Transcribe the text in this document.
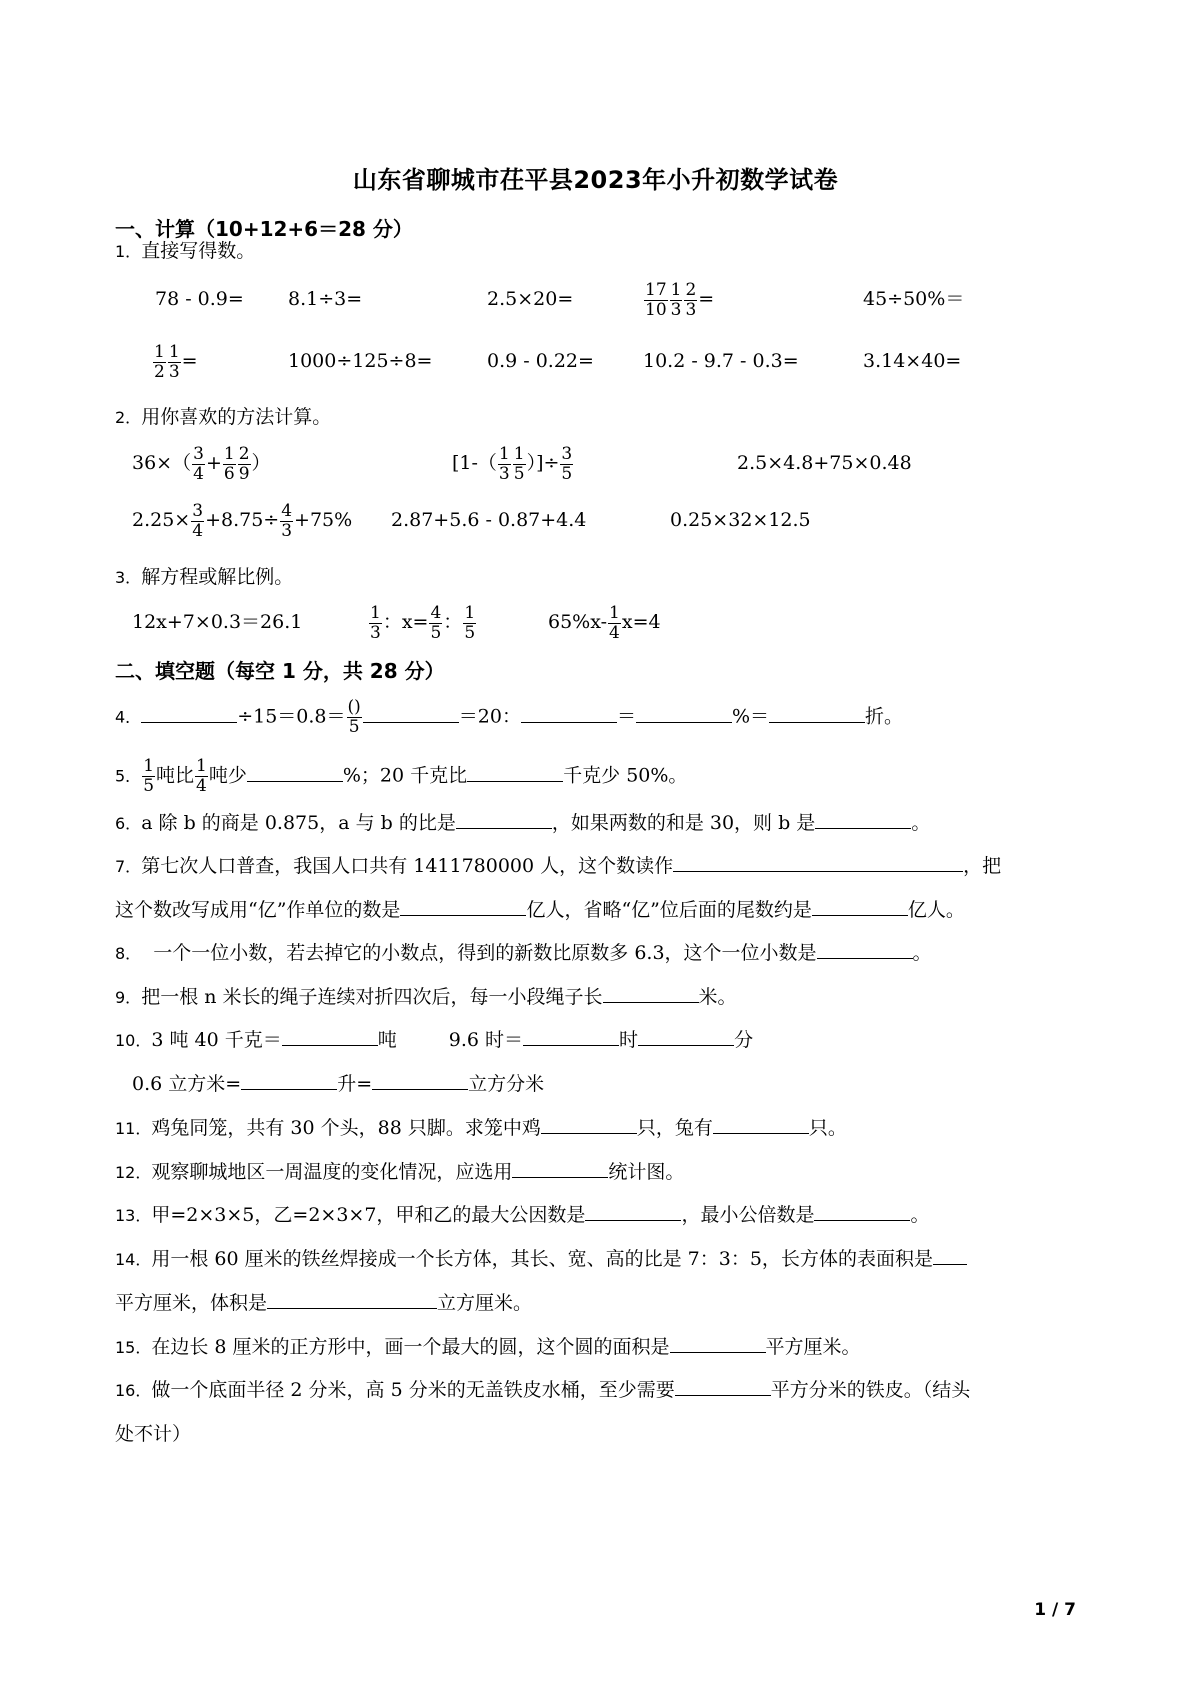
山东省聊城市茌平县2023年小升初数学试卷
一、计算（10+12+6＝28 分）
1．直接写得数。
78 - 0.9= 8.1÷3=	2.5×20=	$\frac{17}{10} \frac{1}{3} \frac{2}{3}$ =	45÷50%＝
$\frac{1}{2} \frac{1}{3}$ =	1000÷125÷8=	0.9 - 0.22=	10.2 - 9.7 - 0.3=	3.14×40=
2．用你喜欢的方法计算。
$36\times( \frac{3}{4} + \frac{1}{6} \frac{2}{9}$ ）	[$1-( \frac{1}{3} \frac{1}{5}$ ）]÷ $\frac{3}{5}$	2.5×4.8+75×0.48
$2.25\times \frac{3}{4} +8.75\div \frac{4}{3} +75\%$ 2.87+5.6 - 0.87+4.4	0.25×32×12.5
3．解方程或解比例。
12x+7×0.3＝26.1	$\frac{1}{3}$ ：$x= \frac{4}{5}$ ： $\frac{1}{5}$	$65\%x- \frac{1}{4} x=4$
二、填空题（每空 1 分，共 28 分）
4．	$\div 15=0.8= \frac{()}{5}$	＝20：	＝	%＝	折。
5． $\frac{1}{5}$ 吨比 $\frac{1}{4}$ 吨少	%；20 千克比	千克少 50%。
6．a 除 b 的商是 0.875，a 与 b 的比是	，如果两数的和是 30，则 b 是	。
7．第七次人口普查，我国人口共有 1411780000 人，这个数读作	，把
这个数改写成用“亿”作单位的数是	亿人，省略“亿”位后面的尾数约是	亿人。
8． 一个一位小数，若去掉它的小数点，得到的新数比原数多 6.3，这个一位小数是	。
9．把一根 n 米长的绳子连续对折四次后，每一小段绳子长	米。
10．3 吨 40 千克＝	吨	9.6 时＝	时	分
0.6 立方米=	升=	立方分米
11．鸡兔同笼，共有 30 个头，88 只脚。求笼中鸡	只，兔有	只。
12．观察聊城地区一周温度的变化情况，应选用	统计图。
13．甲=2×3×5，乙=2×3×7，甲和乙的最大公因数是	，最小公倍数是	。
14．用一根 60 厘米的铁丝焊接成一个长方体，其长、宽、高的比是 7：3：5，长方体的表面积是
平方厘米，体积是	立方厘米。
15．在边长 8 厘米的正方形中，画一个最大的圆，这个圆的面积是	平方厘米。
16．做一个底面半径 2 分米，高 5 分米的无盖铁皮水桶，至少需要	平方分米的铁皮。（结头
处不计）
1 / 7
